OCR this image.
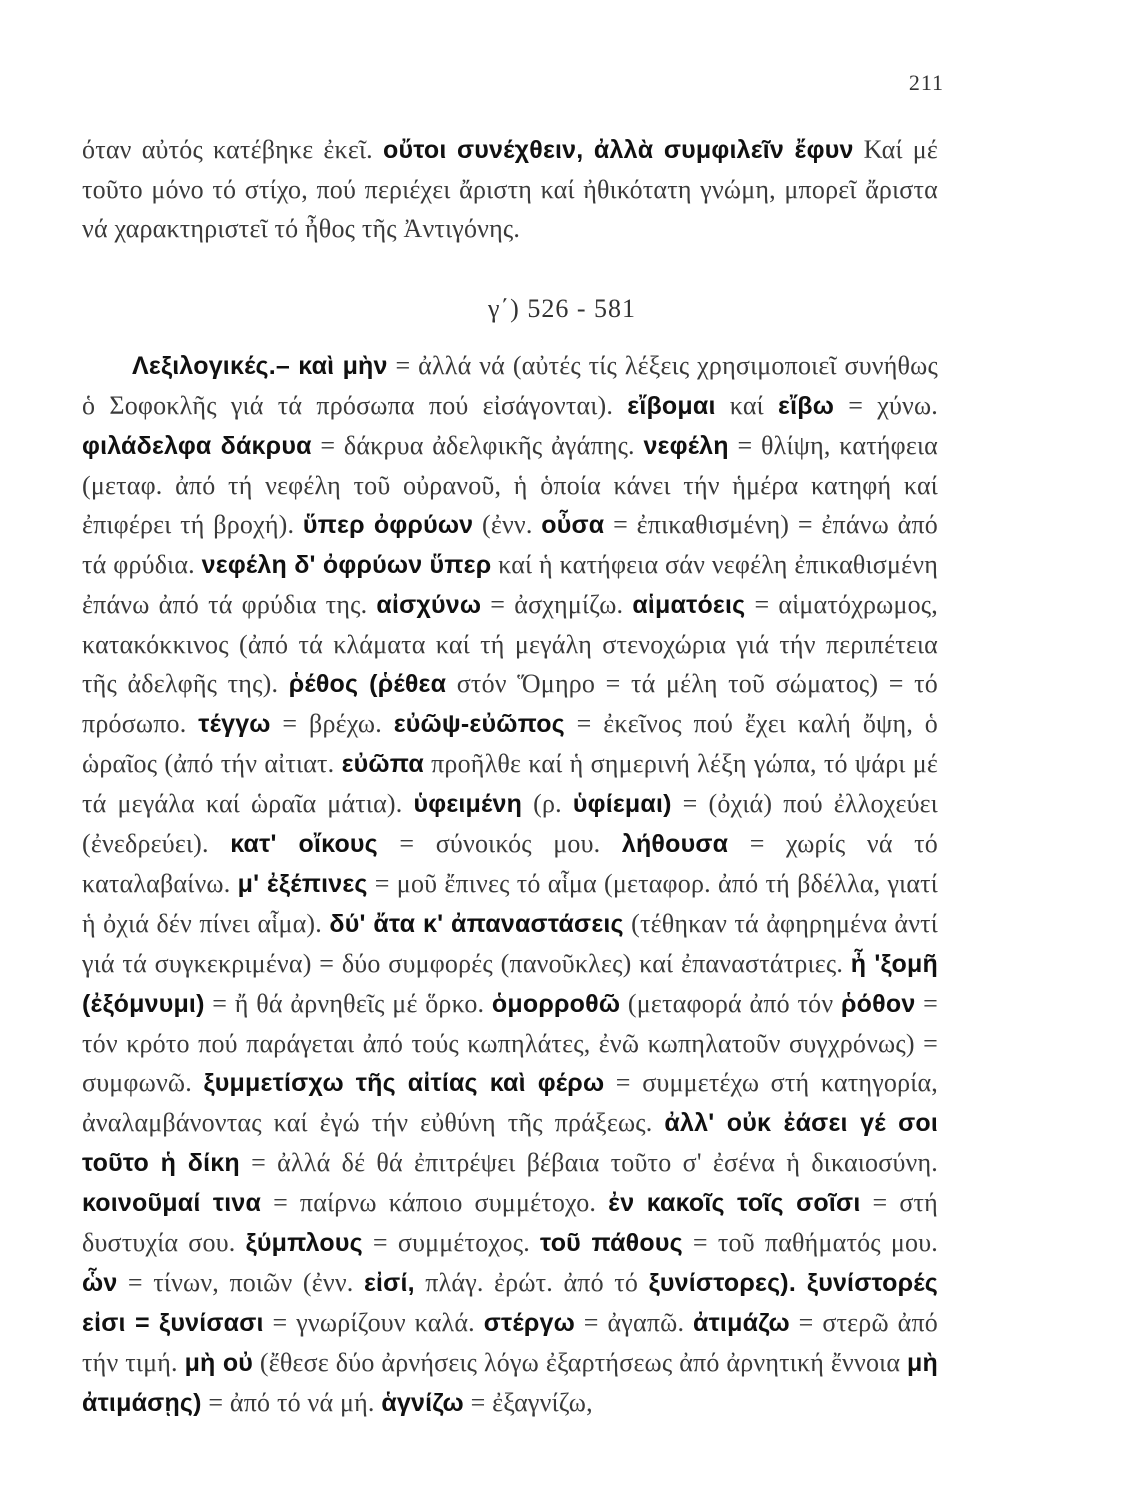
211

όταν αὐτός κατέβηκε ἐκεῖ. οὔτοι συνέχθειν, ἀλλὰ συμφιλεῖν ἔφυν Καί μέ τοῦτο μόνο τό στίχο, πού περιέχει ἄριστη καί ἠθικότατη γνώμη, μπορεῖ ἄριστα νά χαρακτηριστεῖ τό ἦθος τῆς Ἀντιγόνης.

γ΄) 526 - 581

Λεξιλογικές.– καὶ μὴν = ἀλλά νά (αὐτές τίς λέξεις χρησιμοποιεῖ συνήθως ὁ Σοφοκλῆς γιά τά πρόσωπα πού εἰσάγονται). εἴβομαι καί εἴβω = χύνω. φιλάδελφα δάκρυα = δάκρυα ἀδελφικῆς ἀγάπης. νεφέλη = θλίψη, κατήφεια (μεταφ. ἀπό τή νεφέλη τοῦ οὐρανοῦ, ἡ ὁποία κάνει τήν ἡμέρα κατηφή καί ἐπιφέρει τή βροχή). ὕπερ ὀφρύων (ἐνν. οὖσα = ἐπικαθισμένη) = ἐπάνω ἀπό τά φρύδια. νεφέλη δ' ὀφρύων ὕπερ καί ἡ κατήφεια σάν νεφέλη ἐπικαθισμένη ἐπάνω ἀπό τά φρύδια της. αἰσχύνω = ἀσχημίζω. αἱματόεις = αἱματόχρωμος, κατακόκκινος (ἀπό τά κλάματα καί τή μεγάλη στενοχώρια γιά τήν περιπέτεια τῆς ἀδελφῆς της). ῥέθος (ῥέθεα στόν Ὅμηρο = τά μέλη τοῦ σώματος) = τό πρόσωπο. τέγγω = βρέχω. εὐῶψ-εὐῶπος = ἐκεῖνος πού ἔχει καλή ὄψη, ὁ ὡραῖος (ἀπό τήν αἰτιατ. εὐῶπα προῆλθε καί ἡ σημερινή λέξη γώπα, τό ψάρι μέ τά μεγάλα καί ὡραῖα μάτια). ὑφειμένη (ρ. ὑφίεμαι) = (ὀχιά) πού ἐλλοχεύει (ἐνεδρεύει). κατ' οἴκους = σύνοικός μου. λήθουσα = χωρίς νά τό καταλαβαίνω. μ' ἐξέπινες = μοῦ ἔπινες τό αἷμα (μεταφορ. ἀπό τή βδέλλα, γιατί ἡ ὀχιά δέν πίνει αἷμα). δύ' ἄτα κ' ἀπαναστάσεις (τέθηκαν τά ἀφηρημένα ἀντί γιά τά συγκεκριμένα) = δύο συμφορές (πανοῦκλες) καί ἐπαναστάτριες. ἦ 'ξομῆ (ἐξόμνυμι) = ἤ θά ἀρνηθεῖς μέ ὅρκο. ὁμορροθῶ (μεταφορά ἀπό τόν ῥόθον = τόν κρότο πού παράγεται ἀπό τούς κωπηλάτες, ἐνῶ κωπηλατοῦν συγχρόνως) = συμφωνῶ. ξυμμετίσχω τῆς αἰτίας καὶ φέρω = συμμετέχω στή κατηγορία, ἀναλαμβάνοντας καί ἐγώ τήν εὐθύνη τῆς πράξεως. ἀλλ' οὐκ ἐάσει γέ σοι τοῦτο ἡ δίκη = ἀλλά δέ θά ἐπιτρέψει βέβαια τοῦτο σ' ἐσένα ἡ δικαιοσύνη. κοινοῦμαί τινα = παίρνω κάποιο συμμέτοχο. ἐν κακοῖς τοῖς σοῖσι = στή δυστυχία σου. ξύμπλους = συμμέτοχος. τοῦ πάθους = τοῦ παθήματός μου. ὧν = τίνων, ποιῶν (ἐνν. εἰσί, πλάγ. ἐρώτ. ἀπό τό ξυνίστορες). ξυνίστορές εἰσι = ξυνίσασι = γνωρίζουν καλά. στέργω = ἀγαπῶ. ἀτιμάζω = στερῶ ἀπό τήν τιμή. μὴ οὐ (ἔθεσε δύο ἀρνήσεις λόγω ἐξαρτήσεως ἀπό ἀρνητική ἔννοια μὴ ἀτιμάσῃς) = ἀπό τό νά μή. ἁγνίζω = ἐξαγνίζω,
